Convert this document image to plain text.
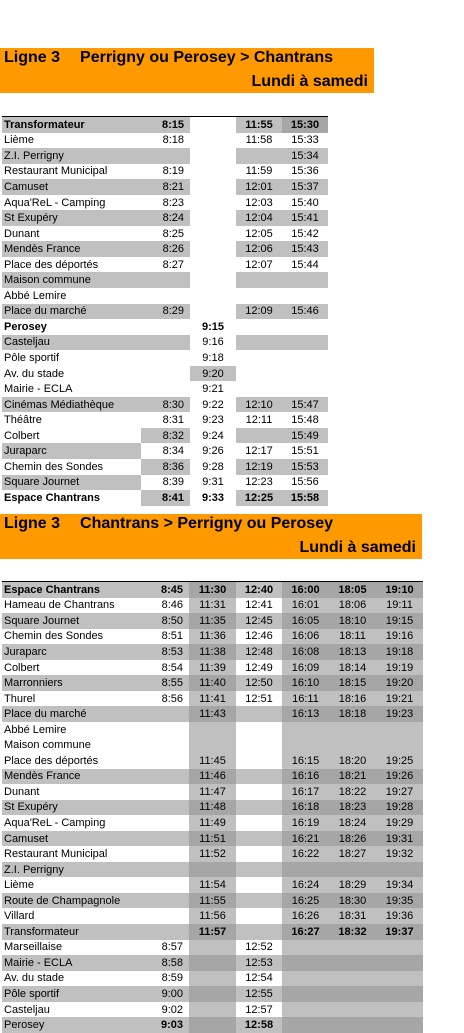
Ligne 3 Perrigny ou Perosey > Chantrans
Lundi à samedi
Transformateur	8:15		11:55	15:30
Lième	8:18		11:58	15:33
Z.I. Perrigny				15:34
Restaurant Municipal	8:19		11:59	15:36
Camuset	8:21		12:01	15:37
Aqua'ReL - Camping	8:23		12:03	15:40
St Exupéry	8:24		12:04	15:41
Dunant	8:25		12:05	15:42
Mendès France	8:26		12:06	15:43
Place des déportés	8:27		12:07	15:44
Maison commune				
Abbé Lemire				
Place du marché	8:29		12:09	15:46
Perosey		9:15		
Casteljau		9:16		
Pôle sportif		9:18		
Av. du stade		9:20		
Mairie - ECLA		9:21		
Cinémas Médiathèque	8:30	9:22	12:10	15:47
Théâtre	8:31	9:23	12:11	15:48
Colbert	8:32	9:24		15:49
Juraparc	8:34	9:26	12:17	15:51
Chemin des Sondes	8:36	9:28	12:19	15:53
Square Journet	8:39	9:31	12:23	15:56
Espace Chantrans	8:41	9:33	12:25	15:58
Ligne 3 Chantrans > Perrigny ou Perosey
Lundi à samedi
Espace Chantrans	8:45	11:30	12:40	16:00	18:05	19:10
Hameau de Chantrans	8:46	11:31	12:41	16:01	18:06	19:11
Square Journet	8:50	11:35	12:45	16:05	18:10	19:15
Chemin des Sondes	8:51	11:36	12:46	16:06	18:11	19:16
Juraparc	8:53	11:38	12:48	16:08	18:13	19:18
Colbert	8:54	11:39	12:49	16:09	18:14	19:19
Marronniers	8:55	11:40	12:50	16:10	18:15	19:20
Thurel	8:56	11:41	12:51	16:11	18:16	19:21
Place du marché		11:43		16:13	18:18	19:23
Abbé Lemire						
Maison commune						
Place des déportés		11:45		16:15	18:20	19:25
Mendès France		11:46		16:16	18:21	19:26
Dunant		11:47		16:17	18:22	19:27
St Exupéry		11:48		16:18	18:23	19:28
Aqua'ReL - Camping		11:49		16:19	18:24	19:29
Camuset		11:51		16:21	18:26	19:31
Restaurant Municipal		11:52		16:22	18:27	19:32
Z.I. Perrigny						
Lième		11:54		16:24	18:29	19:34
Route de Champagnole		11:55		16:25	18:30	19:35
Villard		11:56		16:26	18:31	19:36
Transformateur		11:57		16:27	18:32	19:37
Marseillaise	8:57		12:52			
Mairie - ECLA	8:58		12:53			
Av. du stade	8:59		12:54			
Pôle sportif	9:00		12:55			
Casteljau	9:02		12:57			
Perosey	9:03		12:58			
